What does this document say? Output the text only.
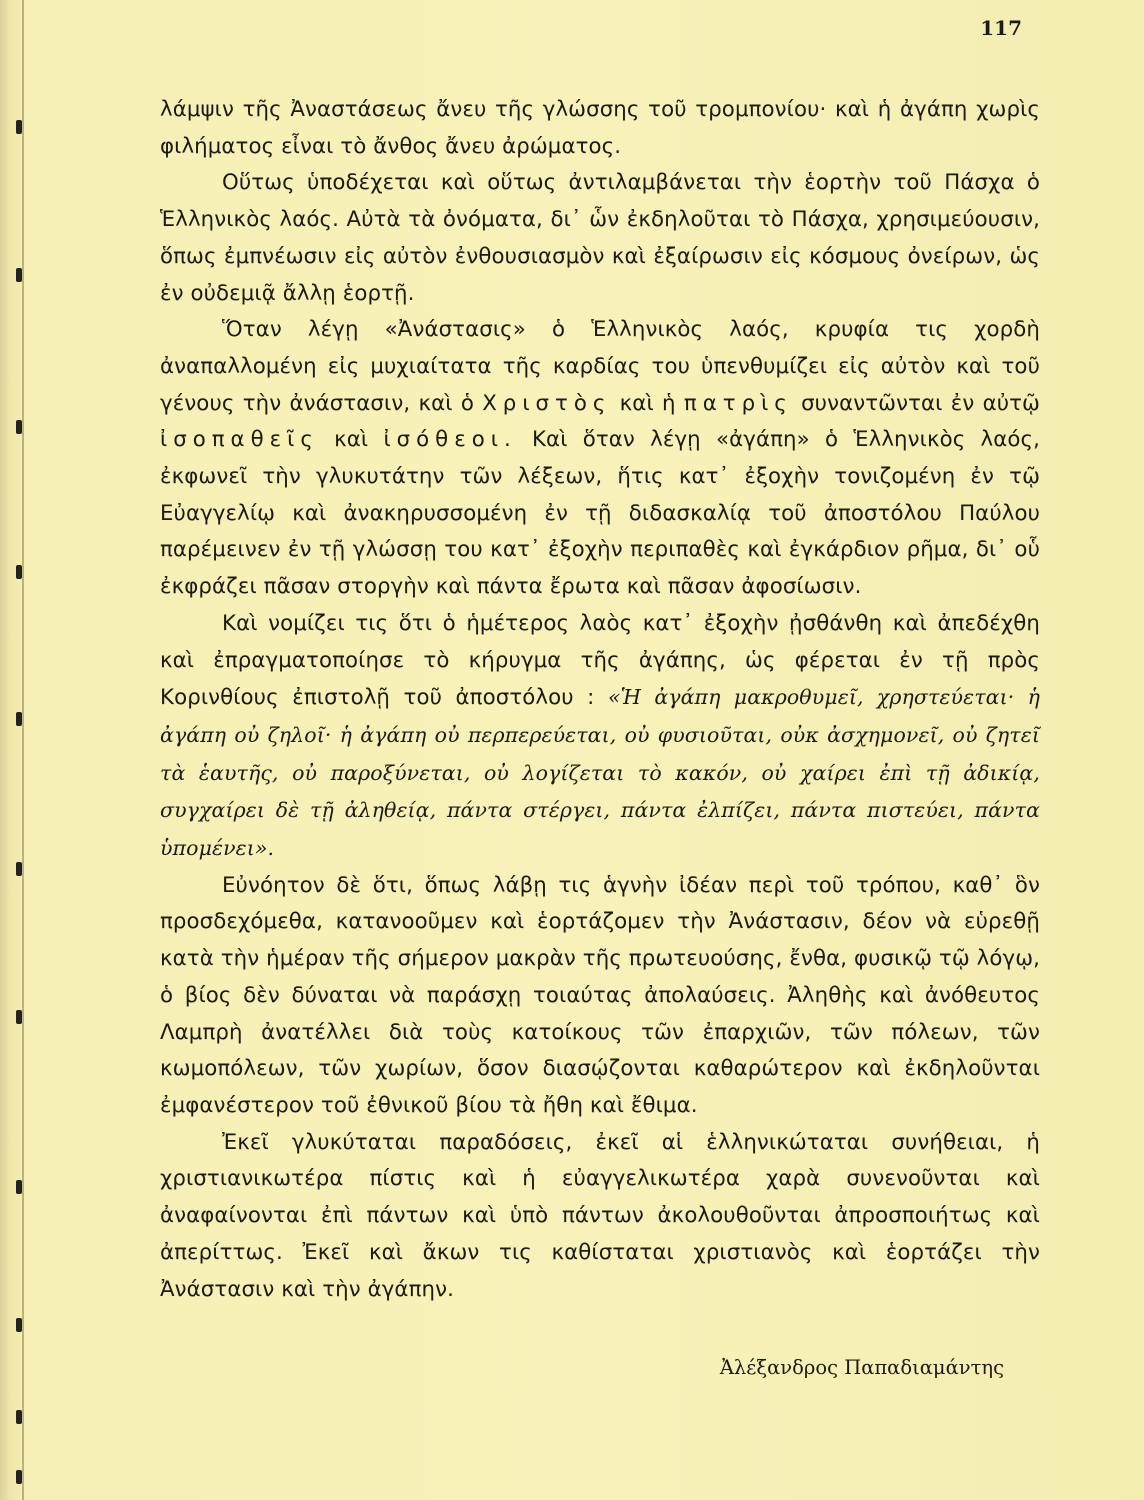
117

λάμψιν τῆς Ἀναστάσεως ἄνευ τῆς γλώσσης τοῦ τρομπονίου· καὶ ἡ ἀγάπη χωρὶς φιλήματος εἶναι τὸ ἄνθος ἄνευ ἀρώματος.

Οὕτως ὑποδέχεται καὶ οὕτως ἀντιλαμβάνεται τὴν ἑορτὴν τοῦ Πάσχα ὁ Ἑλληνικὸς λαός. Αὐτὰ τὰ ὀνόματα, δι᾽ ὧν ἐκδηλοῦται τὸ Πάσχα, χρησιμεύουσιν, ὅπως ἐμπνέωσιν εἰς αὐτὸν ἐνθουσιασμὸν καὶ ἐξαίρωσιν εἰς κόσμους ὀνείρων, ὡς ἐν οὐδεμιᾷ ἄλλῃ ἑορτῇ.

Ὅταν λέγῃ «Ἀνάστασις» ὁ Ἑλληνικὸς λαός, κρυφία τις χορδὴ ἀναπαλλομένη εἰς μυχιαίτατα τῆς καρδίας του ὑπενθυμίζει εἰς αὐτὸν καὶ τοῦ γένους τὴν ἀνάστασιν, καὶ ὁ Χριστὸς καὶ ἡ πατρὶς συναντῶνται ἐν αὐτῷ ἰσοπαθεῖς καὶ ἰσόθεοι. Καὶ ὅταν λέγῃ «ἀγάπη» ὁ Ἑλληνικὸς λαός, ἐκφωνεῖ τὴν γλυκυτάτην τῶν λέξεων, ἥτις κατ᾽ ἐξοχὴν τονιζομένη ἐν τῷ Εὐαγγελίῳ καὶ ἀνακηρυσσομένη ἐν τῇ διδασκαλίᾳ τοῦ ἀποστόλου Παύλου παρέμεινεν ἐν τῇ γλώσσῃ του κατ᾽ ἐξοχὴν περιπαθὲς καὶ ἐγκάρδιον ρῆμα, δι᾽ οὗ ἐκφράζει πᾶσαν στοργὴν καὶ πάντα ἔρωτα καὶ πᾶσαν ἀφοσίωσιν.

Καὶ νομίζει τις ὅτι ὁ ἡμέτερος λαὸς κατ᾽ ἐξοχὴν ᾐσθάνθη καὶ ἀπεδέχθη καὶ ἐπραγματοποίησε τὸ κήρυγμα τῆς ἀγάπης, ὡς φέρεται ἐν τῇ πρὸς Κορινθίους ἐπιστολῇ τοῦ ἀποστόλου : «Ἡ ἀγάπη μακροθυμεῖ, χρηστεύεται· ἡ ἀγάπη οὐ ζηλοῖ· ἡ ἀγάπη οὐ περπερεύεται, οὐ φυσιοῦται, οὐκ ἀσχημονεῖ, οὐ ζητεῖ τὰ ἑαυτῆς, οὐ παροξύνεται, οὐ λογίζεται τὸ κακόν, οὐ χαίρει ἐπὶ τῇ ἀδικίᾳ, συγχαίρει δὲ τῇ ἀληθείᾳ, πάντα στέργει, πάντα ἐλπίζει, πάντα πιστεύει, πάντα ὑπομένει».

Εὐνόητον δὲ ὅτι, ὅπως λάβῃ τις ἁγνὴν ἰδέαν περὶ τοῦ τρόπου, καθ᾽ ὃν προσδεχόμεθα, κατανοοῦμεν καὶ ἑορτάζομεν τὴν Ἀνάστασιν, δέον νὰ εὑρεθῇ κατὰ τὴν ἡμέραν τῆς σήμερον μακρὰν τῆς πρωτευούσης, ἔνθα, φυσικῷ τῷ λόγῳ, ὁ βίος δὲν δύναται νὰ παράσχῃ τοιαύτας ἀπολαύσεις. Ἀληθὴς καὶ ἀνόθευτος Λαμπρὴ ἀνατέλλει διὰ τοὺς κατοίκους τῶν ἐπαρχιῶν, τῶν πόλεων, τῶν κωμοπόλεων, τῶν χωρίων, ὅσον διασῴζονται καθαρώτερον καὶ ἐκδηλοῦνται ἐμφανέστερον τοῦ ἐθνικοῦ βίου τὰ ἤθη καὶ ἔθιμα.

Ἐκεῖ γλυκύταται παραδόσεις, ἐκεῖ αἱ ἑλληνικώταται συνήθειαι, ἡ χριστιανικωτέρα πίστις καὶ ἡ εὐαγγελικωτέρα χαρὰ συνενοῦνται καὶ ἀναφαίνονται ἐπὶ πάντων καὶ ὑπὸ πάντων ἀκολουθοῦνται ἀπροσποιήτως καὶ ἀπερίττως. Ἐκεῖ καὶ ἄκων τις καθίσταται χριστιανὸς καὶ ἑορτάζει τὴν Ἀνάστασιν καὶ τὴν ἀγάπην.

Ἀλέξανδρος Παπαδιαμάντης
